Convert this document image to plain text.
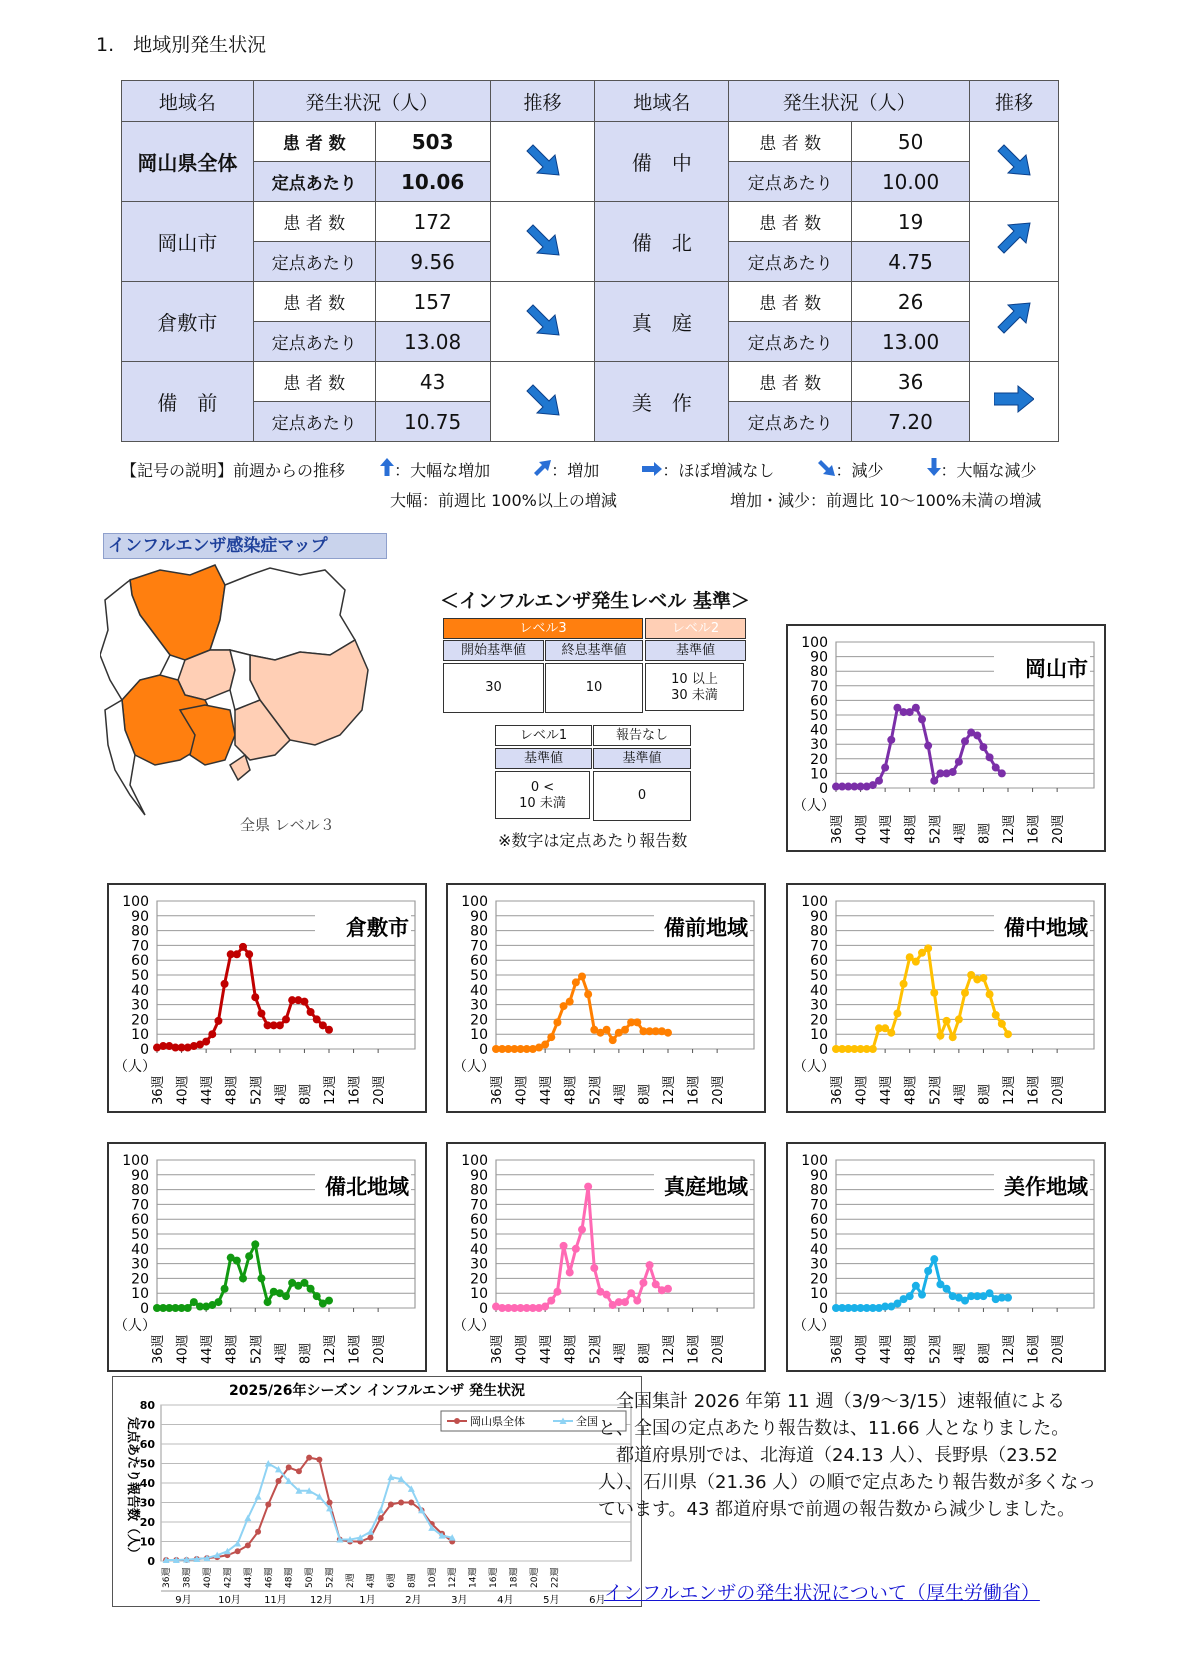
1.　地域別発生状況
地域名	発生状況（人）		推移	地域名	発生状況（人）		推移
岡山県全体	患 者 数	503		備　中	患 者 数	50	
	定点あたり	10.06			定点あたり	10.00	
岡山市	患 者 数	172		備　北	患 者 数	19	
	定点あたり	9.56			定点あたり	4.75	
倉敷市	患 者 数	157		真　庭	患 者 数	26	
	定点あたり	13.08			定点あたり	13.00	
備　前	患 者 数	43		美　作	患 者 数	36	
	定点あたり	10.75			定点あたり	7.20	
【記号の説明】前週からの推移	：大幅な増加	：増加	：ほぼ増減なし	：減少	：大幅な減少
大幅：前週比 100%以上の増減	増加・減少：前週比 10～100%未満の増減
インフルエンザ感染症マップ
全県 レベル３
＜インフルエンザ発生レベル 基準＞
レベル3	レベル2
開始基準値	終息基準値	基準値
30	10
10 以上
30 未満
レベル1	報告なし
基準値	基準値
0 <
10 未満
0
※数字は定点あたり報告数
0
10
20
30
40
50
60
70
80
90
100
36週 40週 44週 48週 52週 4週 8週 12週 16週 20週
（人）
岡山市
0
10
20
30
40
50
60
70
80
90
100
36週 40週 44週 48週 52週 4週 8週 12週 16週 20週
（人）
倉敷市
0
10
20
30
40
50
60
70
80
90
100
36週 40週 44週 48週 52週 4週 8週 12週 16週 20週
（人）
備前地域
0
10
20
30
40
50
60
70
80
90
100
36週 40週 44週 48週 52週 4週 8週 12週 16週 20週
（人）
備中地域
0
10
20
30
40
50
60
70
80
90
100
36週 40週 44週 48週 52週 4週 8週 12週 16週 20週
（人）
備北地域
0
10
20
30
40
50
60
70
80
90
100
36週 40週 44週 48週 52週 4週 8週 12週 16週 20週
（人）
真庭地域
0
10
20
30
40
50
60
70
80
90
100
36週 40週 44週 48週 52週 4週 8週 12週 16週 20週
（人）
美作地域
2025/26年シーズン インフルエンザ 発生状況
定点あたり報告数（人）
0
10
20
30
40
50
60
70
80
36週 38週 40週 42週 44週 46週 48週 50週 52週 2週 4週 6週 8週 10週 12週 14週 16週 18週 20週 22週
9月	10月 11月 12月	1月	2月	3月	4月	5月	6月
岡山県全体	全国

全国集計 2026 年第 11 週（3/9～3/15）速報値によると、全国の定点あたり報告数は、11.66 人となりました。

都道府県別では、北海道（24.13 人）、長野県（23.52 人）、石川県（21.36 人）の順で定点あたり報告数が多くなっています。43 都道府県で前週の報告数から減少しました。

インフルエンザの発生状況について（厚生労働省）
